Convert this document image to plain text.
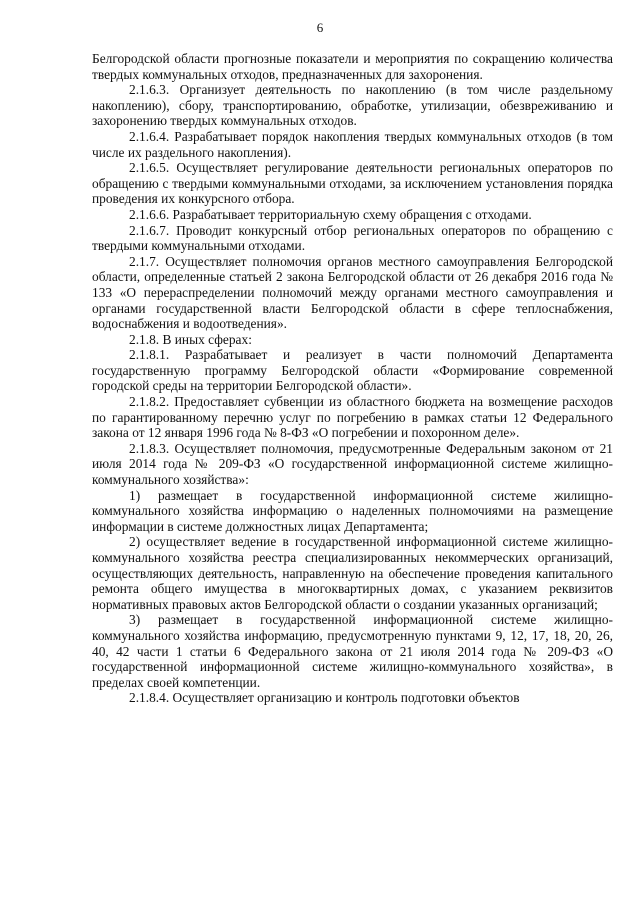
6

Белгородской области прогнозные показатели и мероприятия по сокращению количества твердых коммунальных отходов, предназначенных для захоронения.

2.1.6.3. Организует деятельность по накоплению (в том числе раздельному накоплению), сбору, транспортированию, обработке, утилизации, обезвреживанию и захоронению твердых коммунальных отходов.

2.1.6.4. Разрабатывает порядок накопления твердых коммунальных отходов (в том числе их раздельного накопления).

2.1.6.5. Осуществляет регулирование деятельности региональных операторов по обращению с твердыми коммунальными отходами, за исключением установления порядка проведения их конкурсного отбора.

2.1.6.6. Разрабатывает территориальную схему обращения с отходами.

2.1.6.7. Проводит конкурсный отбор региональных операторов по обращению с твердыми коммунальными отходами.

2.1.7. Осуществляет полномочия органов местного самоуправления Белгородской области, определенные статьей 2 закона Белгородской области от 26 декабря 2016 года № 133 «О перераспределении полномочий между органами местного самоуправления и органами государственной власти Белгородской области в сфере теплоснабжения, водоснабжения и водоотведения».

2.1.8. В иных сферах:

2.1.8.1. Разрабатывает и реализует в части полномочий Департамента государственную программу Белгородской области «Формирование современной городской среды на территории Белгородской области».

2.1.8.2. Предоставляет субвенции из областного бюджета на возмещение расходов по гарантированному перечню услуг по погребению в рамках статьи 12 Федерального закона от 12 января 1996 года № 8-ФЗ «О погребении и похоронном деле».

2.1.8.3. Осуществляет полномочия, предусмотренные Федеральным законом от 21 июля 2014 года № 209-ФЗ «О государственной информационной системе жилищно-коммунального хозяйства»:

1) размещает в государственной информационной системе жилищно-коммунального хозяйства информацию о наделенных полномочиями на размещение информации в системе должностных лицах Департамента;

2) осуществляет ведение в государственной информационной системе жилищно-коммунального хозяйства реестра специализированных некоммерческих организаций, осуществляющих деятельность, направленную на обеспечение проведения капитального ремонта общего имущества в многоквартирных домах, с указанием реквизитов нормативных правовых актов Белгородской области о создании указанных организаций;

3) размещает в государственной информационной системе жилищно-коммунального хозяйства информацию, предусмотренную пунктами 9, 12, 17, 18, 20, 26, 40, 42 части 1 статьи 6 Федерального закона от 21 июля 2014 года № 209-ФЗ «О государственной информационной системе жилищно-коммунального хозяйства», в пределах своей компетенции.

2.1.8.4. Осуществляет организацию и контроль подготовки объектов
